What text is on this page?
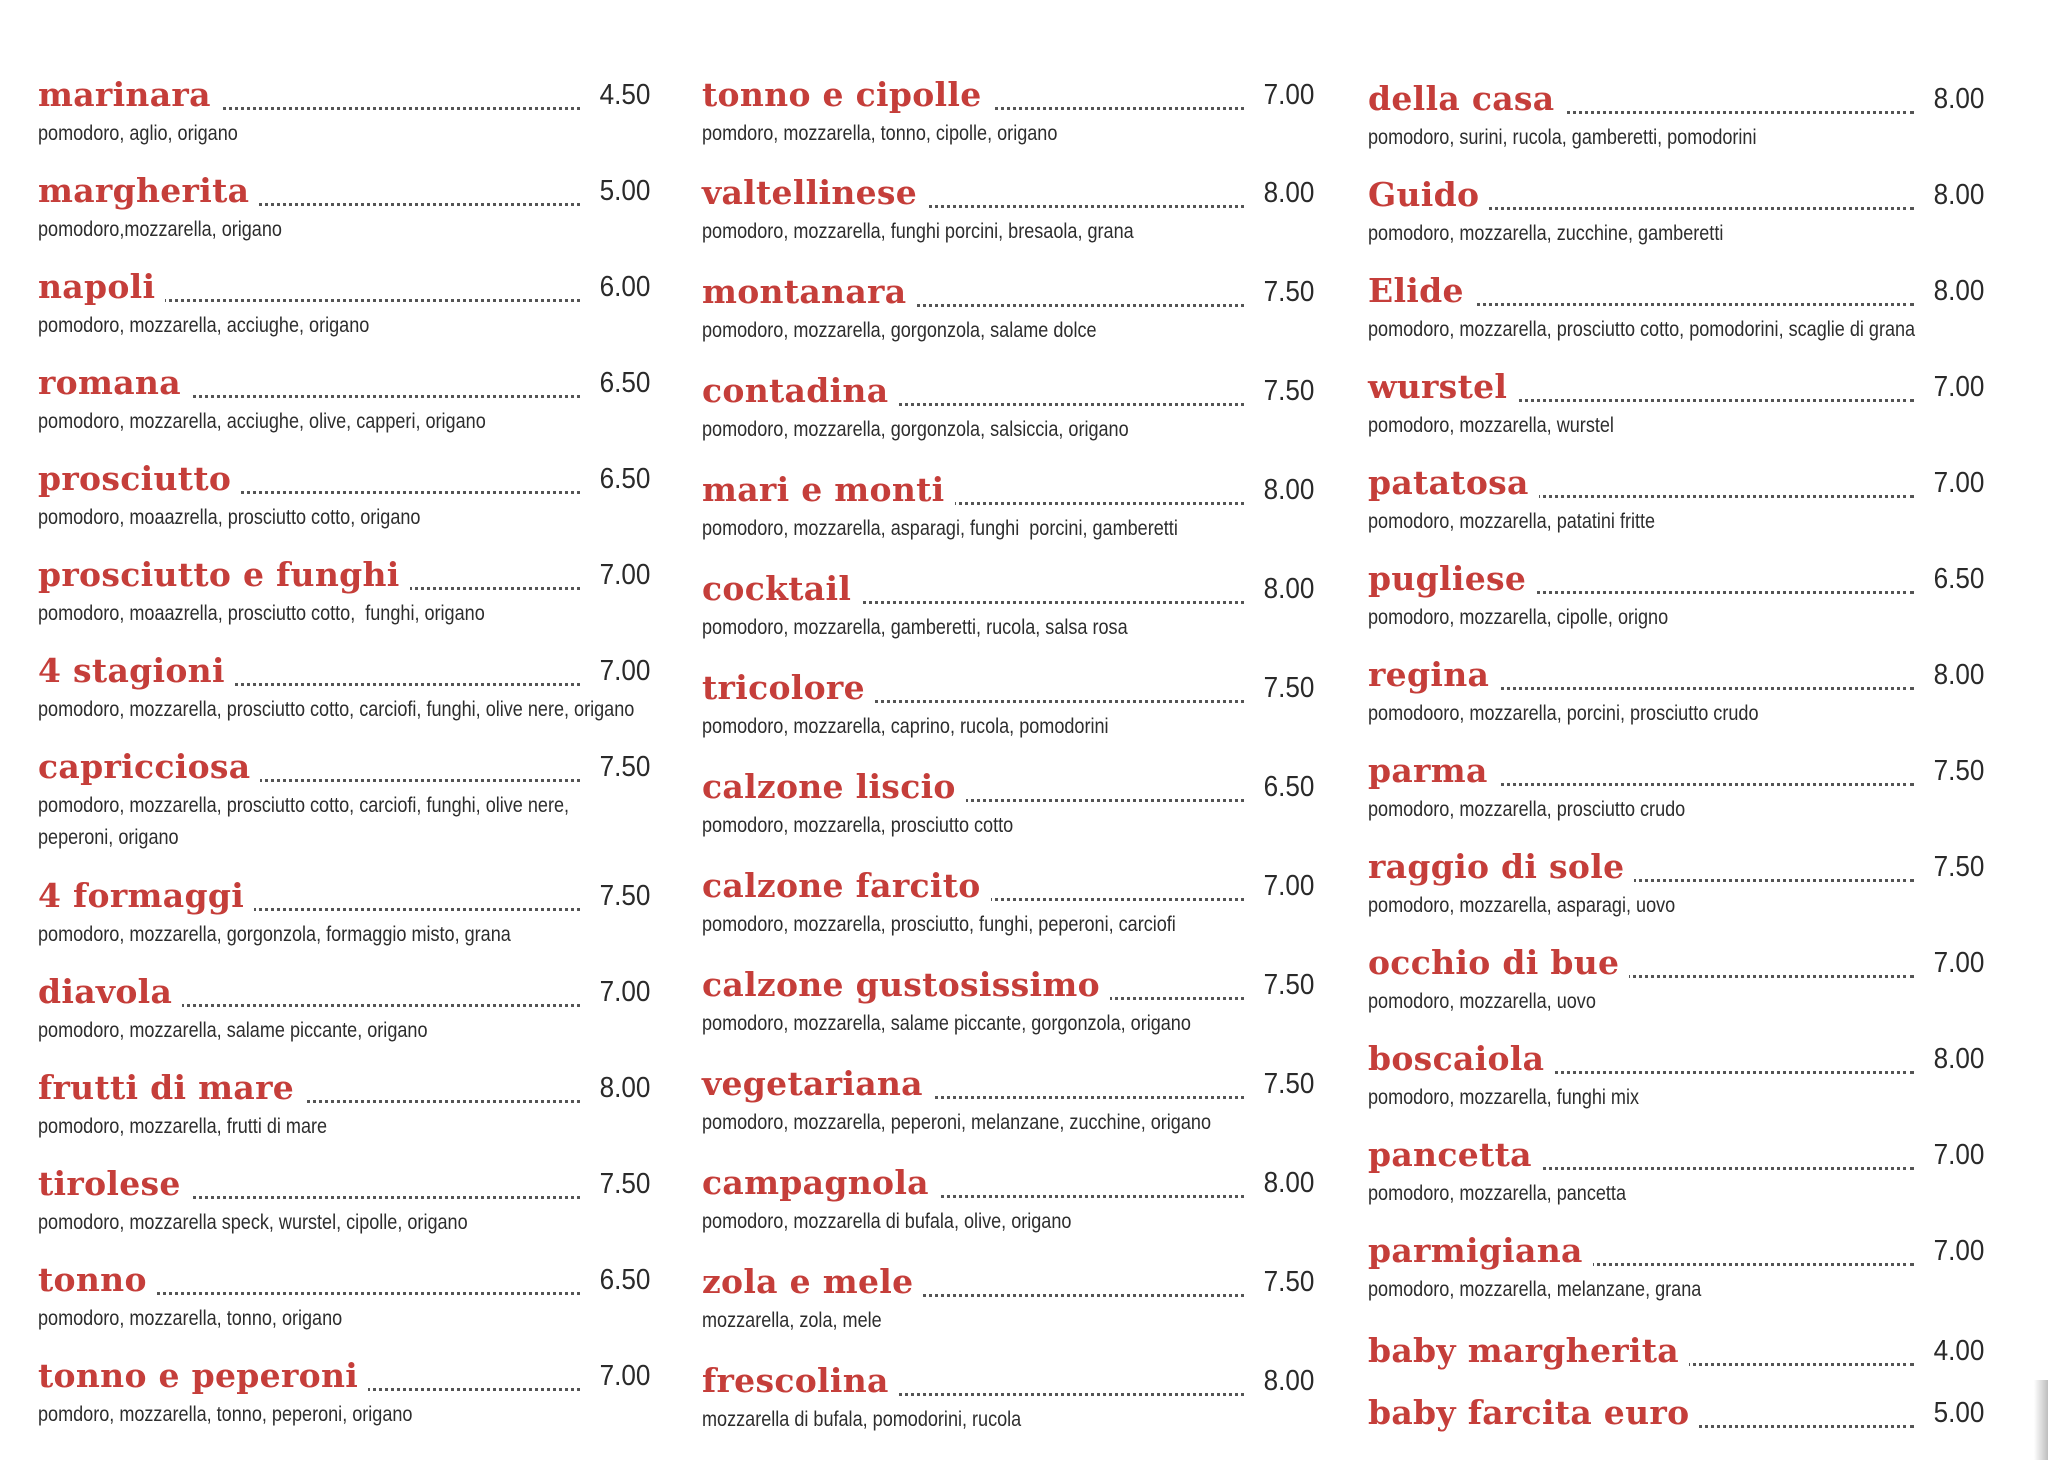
marinara	4.50
pomodoro, aglio, origano
margherita	5.00
pomodoro,mozzarella, origano
napoli	6.00
pomodoro, mozzarella, acciughe, origano
romana	6.50
pomodoro, mozzarella, acciughe, olive, capperi, origano
prosciutto	6.50
pomodoro, moaazrella, prosciutto cotto, origano
prosciutto e funghi	7.00
pomodoro, moaazrella, prosciutto cotto,  funghi, origano
4 stagioni	7.00
pomodoro, mozzarella, prosciutto cotto, carciofi, funghi, olive nere, origano
capricciosa	7.50
pomodoro, mozzarella, prosciutto cotto, carciofi, funghi, olive nere,
peperoni, origano
4 formaggi	7.50
pomodoro, mozzarella, gorgonzola, formaggio misto, grana
diavola	7.00
pomodoro, mozzarella, salame piccante, origano
frutti di mare	8.00
pomodoro, mozzarella, frutti di mare
tirolese	7.50
pomodoro, mozzarella speck, wurstel, cipolle, origano
tonno	6.50
pomodoro, mozzarella, tonno, origano
tonno e peperoni	7.00
pomdoro, mozzarella, tonno, peperoni, origano
tonno e cipolle	7.00
pomdoro, mozzarella, tonno, cipolle, origano
valtellinese	8.00
pomodoro, mozzarella, funghi porcini, bresaola, grana
montanara	7.50
pomodoro, mozzarella, gorgonzola, salame dolce
contadina	7.50
pomodoro, mozzarella, gorgonzola, salsiccia, origano
mari e monti	8.00
pomodoro, mozzarella, asparagi, funghi  porcini, gamberetti
cocktail	8.00
pomodoro, mozzarella, gamberetti, rucola, salsa rosa
tricolore	7.50
pomodoro, mozzarella, caprino, rucola, pomodorini
calzone liscio	6.50
pomodoro, mozzarella, prosciutto cotto
calzone farcito	7.00
pomodoro, mozzarella, prosciutto, funghi, peperoni, carciofi
calzone gustosissimo	7.50
pomodoro, mozzarella, salame piccante, gorgonzola, origano
vegetariana	7.50
pomodoro, mozzarella, peperoni, melanzane, zucchine, origano
campagnola	8.00
pomodoro, mozzarella di bufala, olive, origano
zola e mele	7.50
mozzarella, zola, mele
frescolina	8.00
mozzarella di bufala, pomodorini, rucola
della casa	8.00
pomodoro, surini, rucola, gamberetti, pomodorini
Guido	8.00
pomodoro, mozzarella, zucchine, gamberetti
Elide	8.00
pomodoro, mozzarella, prosciutto cotto, pomodorini, scaglie di grana
wurstel	7.00
pomodoro, mozzarella, wurstel
patatosa	7.00
pomodoro, mozzarella, patatini fritte
pugliese	6.50
pomodoro, mozzarella, cipolle, origno
regina	8.00
pomodooro, mozzarella, porcini, prosciutto crudo
parma	7.50
pomodoro, mozzarella, prosciutto crudo
raggio di sole	7.50
pomodoro, mozzarella, asparagi, uovo
occhio di bue	7.00
pomodoro, mozzarella, uovo
boscaiola	8.00
pomodoro, mozzarella, funghi mix
pancetta	7.00
pomodoro, mozzarella, pancetta
parmigiana	7.00
pomodoro, mozzarella, melanzane, grana
baby margherita	4.00
baby farcita euro	5.00
